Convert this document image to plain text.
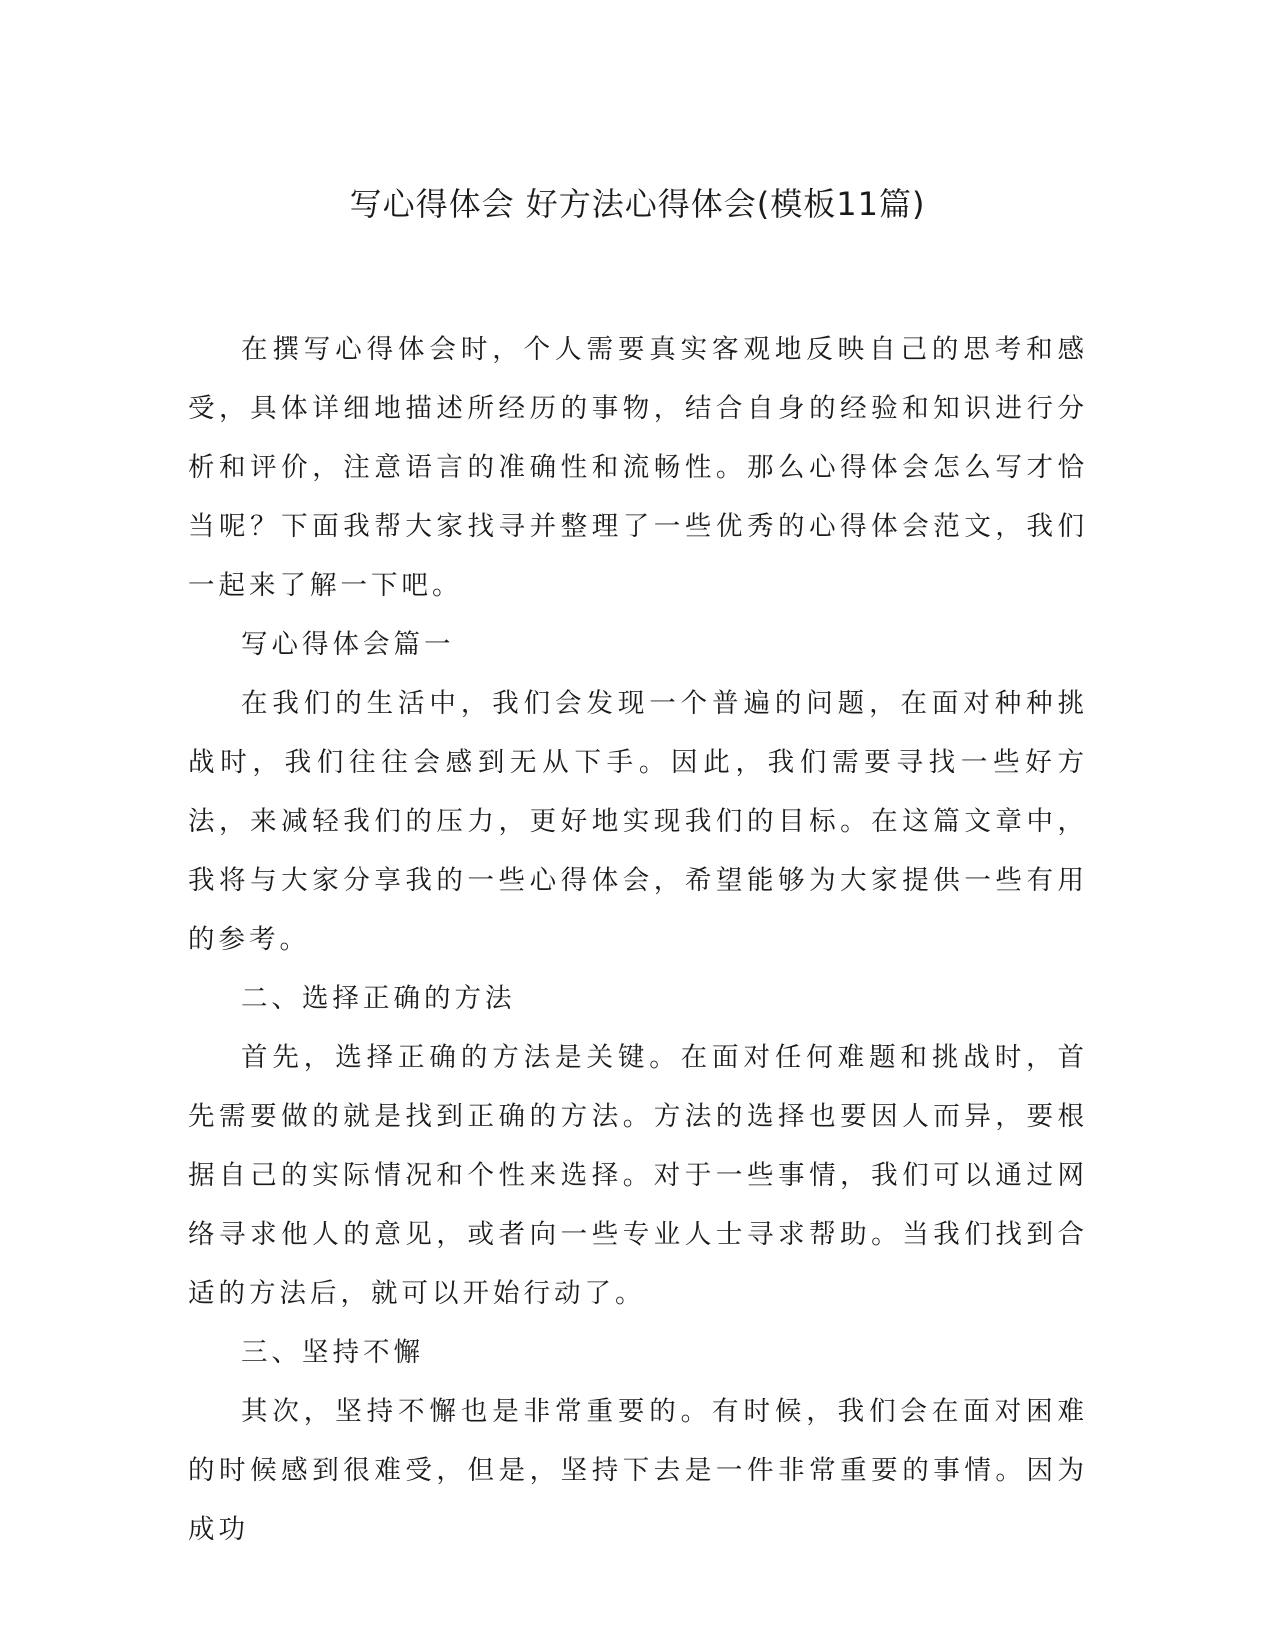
写心得体会 好方法心得体会(模板11篇)

在撰写心得体会时，个人需要真实客观地反映自己的思考和感受，具体详细地描述所经历的事物，结合自身的经验和知识进行分析和评价，注意语言的准确性和流畅性。那么心得体会怎么写才恰当呢？下面我帮大家找寻并整理了一些优秀的心得体会范文，我们一起来了解一下吧。

写心得体会篇一

在我们的生活中，我们会发现一个普遍的问题，在面对种种挑战时，我们往往会感到无从下手。因此，我们需要寻找一些好方法，来减轻我们的压力，更好地实现我们的目标。在这篇文章中，我将与大家分享我的一些心得体会，希望能够为大家提供一些有用的参考。

二、选择正确的方法

首先，选择正确的方法是关键。在面对任何难题和挑战时，首先需要做的就是找到正确的方法。方法的选择也要因人而异，要根据自己的实际情况和个性来选择。对于一些事情，我们可以通过网络寻求他人的意见，或者向一些专业人士寻求帮助。当我们找到合适的方法后，就可以开始行动了。

三、坚持不懈

其次，坚持不懈也是非常重要的。有时候，我们会在面对困难的时候感到很难受，但是，坚持下去是一件非常重要的事情。因为成功
